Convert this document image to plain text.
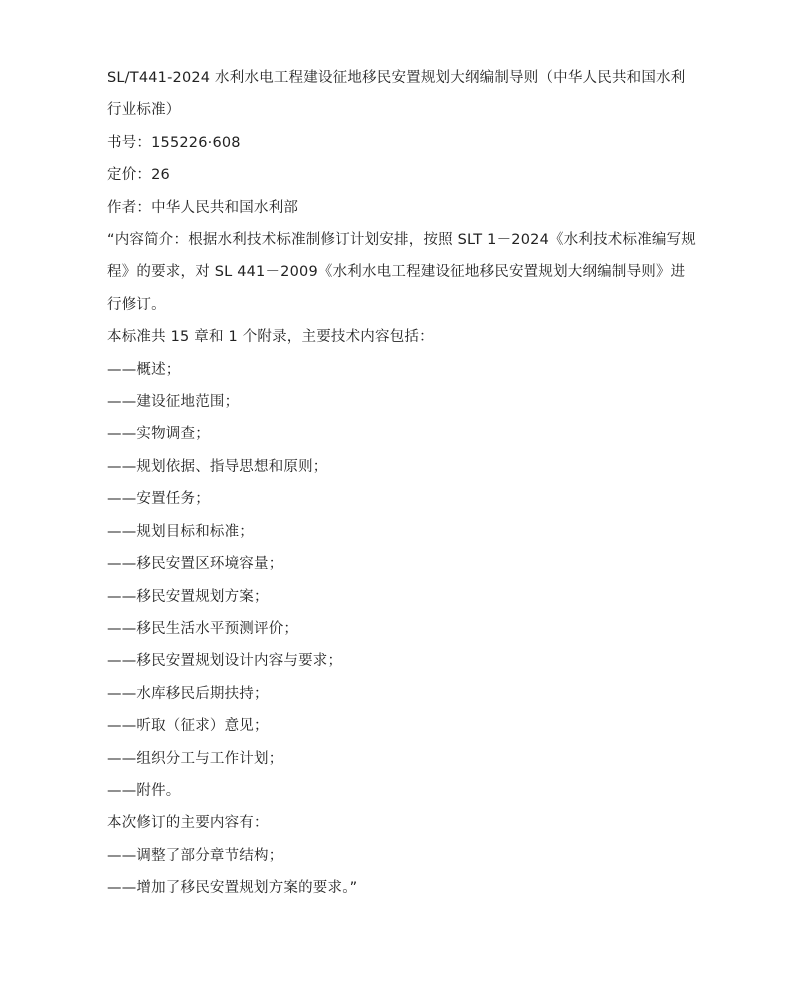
SL/T441-2024 水利水电工程建设征地移民安置规划大纲编制导则（中华人民共和国水利
行业标准）
书号：155226·608
定价：26
作者：中华人民共和国水利部
“内容简介：根据水利技术标准制修订计划安排，按照 SLT 1－2024《水利技术标准编写规
程》的要求，对 SL 441－2009《水利水电工程建设征地移民安置规划大纲编制导则》进
行修订。
本标准共 15 章和 1 个附录，主要技术内容包括：
——概述；
——建设征地范围；
——实物调查；
——规划依据、指导思想和原则；
——安置任务；
——规划目标和标准；
——移民安置区环境容量；
——移民安置规划方案；
——移民生活水平预测评价；
——移民安置规划设计内容与要求；
——水库移民后期扶持；
——听取（征求）意见；
——组织分工与工作计划；
——附件。
本次修订的主要内容有：
——调整了部分章节结构；
——增加了移民安置规划方案的要求。”
